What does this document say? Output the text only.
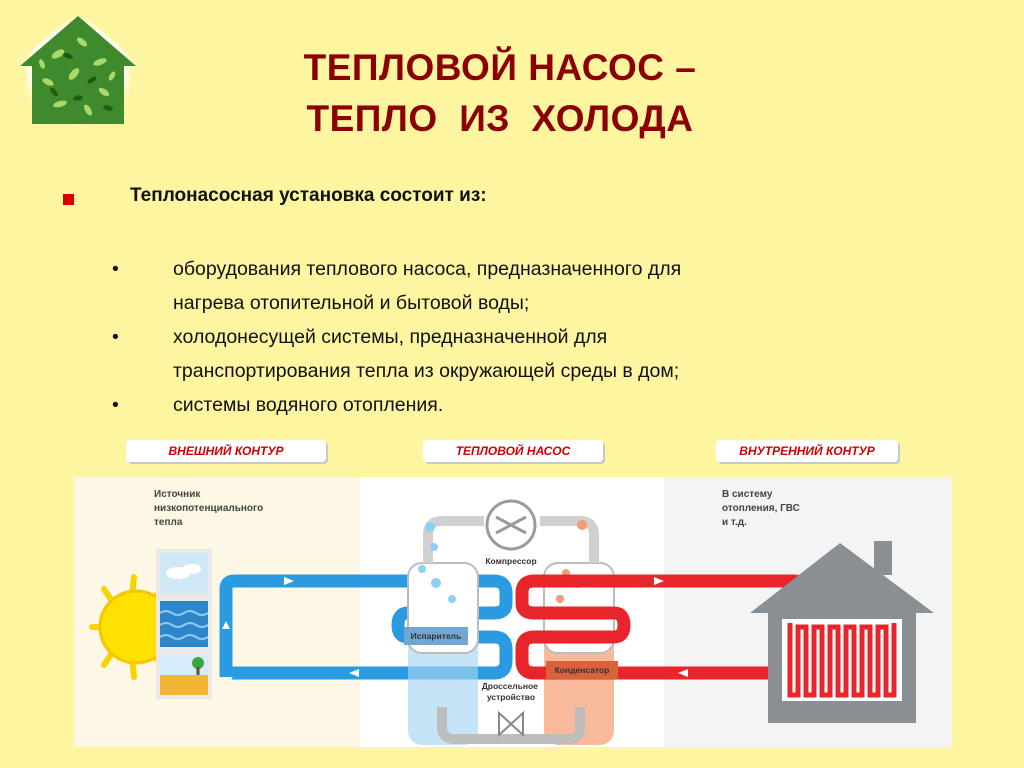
ТЕПЛОВОЙ НАСОС –
ТЕПЛО  ИЗ  ХОЛОДА
Теплонасосная установка состоит из:
•	оборудования теплового насоса, предназначенного для
нагрева отопительной и бытовой воды;
•	холодонесущей системы, предназначенной для
транспортирования тепла из окружающей среды в дом;
•	системы водяного отопления.
ВНЕШНИЙ КОНТУР	ТЕПЛОВОЙ НАСОС	ВНУТРЕННИЙ КОНТУР
Источник низкопотенциального тепла
Компрессор
Испаритель
Конденсатор
Дроссельное устройство
В систему отопления, ГВС и т.д.
